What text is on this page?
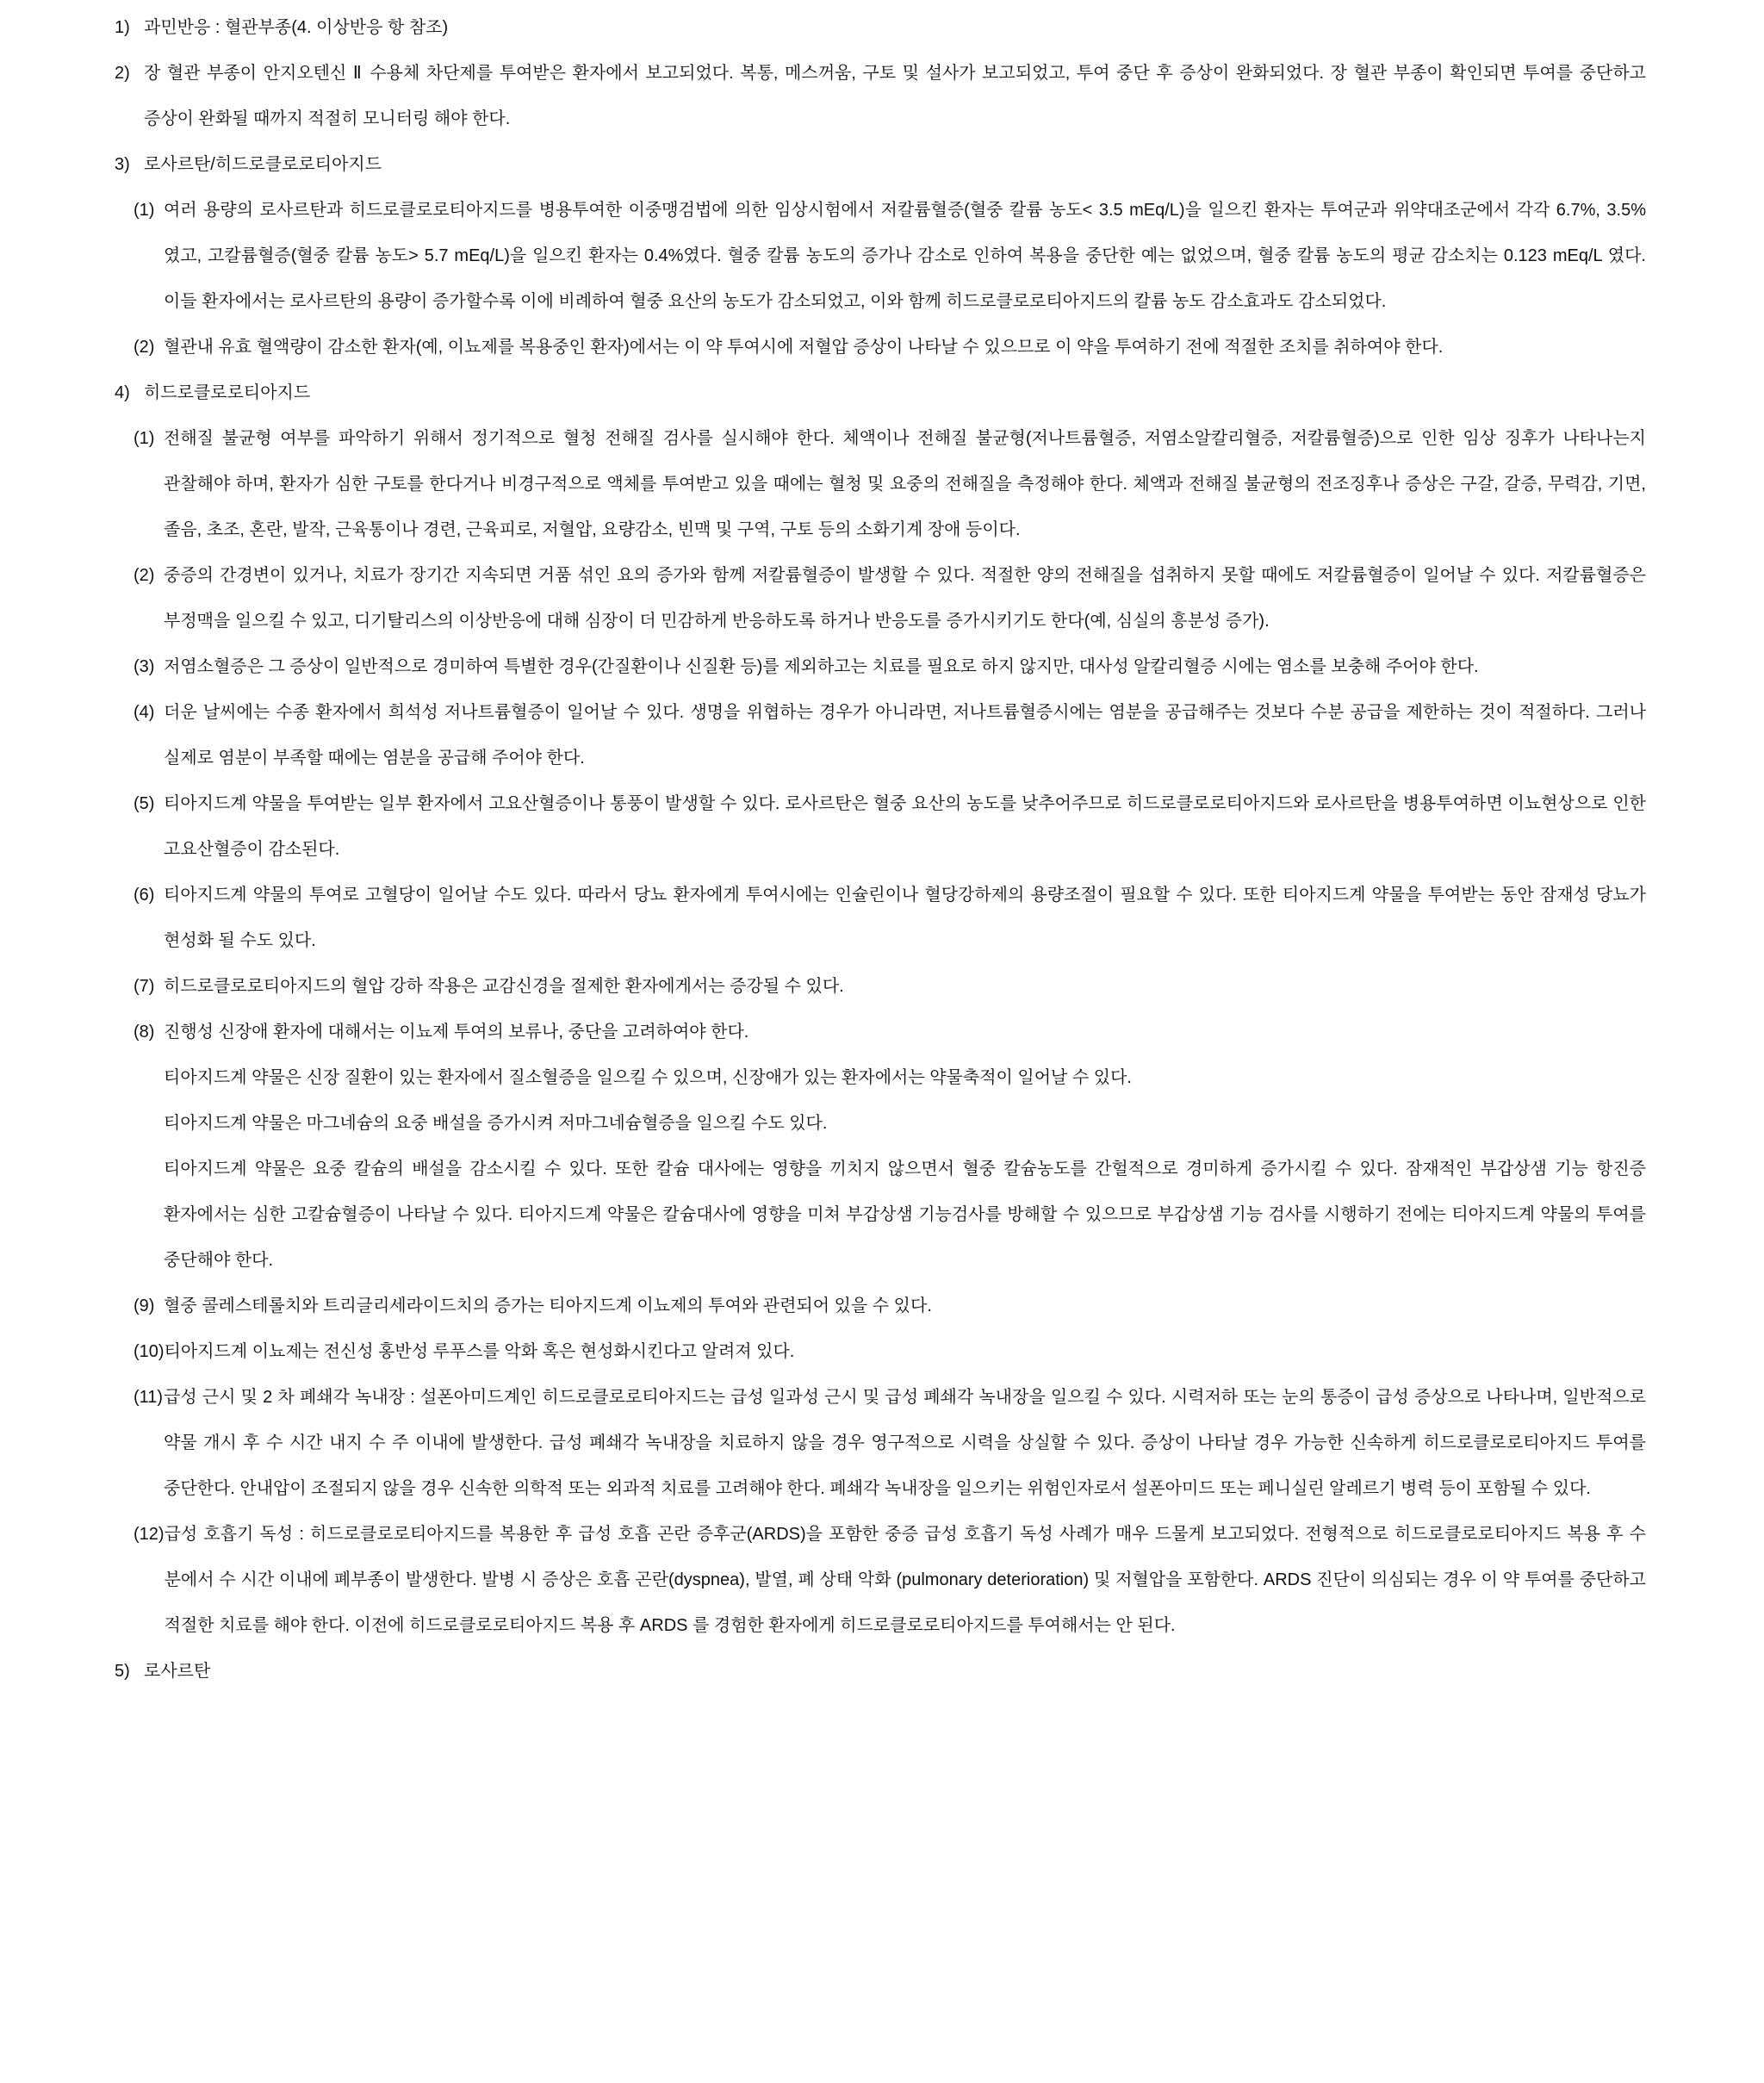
1) 과민반응 : 혈관부종(4. 이상반응 항 참조)
2) 장 혈관 부종이 안지오텐신 Ⅱ 수용체 차단제를 투여받은 환자에서 보고되었다. 복통, 메스꺼움, 구토 및 설사가 보고되었고, 투여 중단 후 증상이 완화되었다. 장 혈관 부종이 확인되면 투여를 중단하고 증상이 완화될 때까지 적절히 모니터링 해야 한다.
3) 로사르탄/히드로클로로티아지드
(1) 여러 용량의 로사르탄과 히드로클로로티아지드를 병용투여한 이중맹검법에 의한 임상시험에서 저칼륨혈증(혈중 칼륨 농도< 3.5 mEq/L)을 일으킨 환자는 투여군과 위약대조군에서 각각 6.7%, 3.5%였고, 고칼륨혈증(혈중 칼륨 농도> 5.7 mEq/L)을 일으킨 환자는 0.4%였다. 혈중 칼륨 농도의 증가나 감소로 인하여 복용을 중단한 예는 없었으며, 혈중 칼륨 농도의 평균 감소치는 0.123 mEq/L 였다. 이들 환자에서는 로사르탄의 용량이 증가할수록 이에 비례하여 혈중 요산의 농도가 감소되었고, 이와 함께 히드로클로로티아지드의 칼륨 농도 감소효과도 감소되었다.
(2) 혈관내 유효 혈액량이 감소한 환자(예, 이뇨제를 복용중인 환자)에서는 이 약 투여시에 저혈압 증상이 나타날 수 있으므로 이 약을 투여하기 전에 적절한 조치를 취하여야 한다.
4) 히드로클로로티아지드
(1) 전해질 불균형 여부를 파악하기 위해서 정기적으로 혈청 전해질 검사를 실시해야 한다. 체액이나 전해질 불균형(저나트륨혈증, 저염소알칼리혈증, 저칼륨혈증)으로 인한 임상 징후가 나타나는지 관찰해야 하며, 환자가 심한 구토를 한다거나 비경구적으로 액체를 투여받고 있을 때에는 혈청 및 요중의 전해질을 측정해야 한다. 체액과 전해질 불균형의 전조징후나 증상은 구갈, 갈증, 무력감, 기면, 졸음, 초조, 혼란, 발작, 근육통이나 경련, 근육피로, 저혈압, 요량감소, 빈맥 및 구역, 구토 등의 소화기계 장애 등이다.
(2) 중증의 간경변이 있거나, 치료가 장기간 지속되면 거품 섞인 요의 증가와 함께 저칼륨혈증이 발생할 수 있다. 적절한 양의 전해질을 섭취하지 못할 때에도 저칼륨혈증이 일어날 수 있다. 저칼륨혈증은 부정맥을 일으킬 수 있고, 디기탈리스의 이상반응에 대해 심장이 더 민감하게 반응하도록 하거나 반응도를 증가시키기도 한다(예, 심실의 흥분성 증가).
(3) 저염소혈증은 그 증상이 일반적으로 경미하여 특별한 경우(간질환이나 신질환 등)를 제외하고는 치료를 필요로 하지 않지만, 대사성 알칼리혈증 시에는 염소를 보충해 주어야 한다.
(4) 더운 날씨에는 수종 환자에서 희석성 저나트륨혈증이 일어날 수 있다. 생명을 위협하는 경우가 아니라면, 저나트륨혈증시에는 염분을 공급해주는 것보다 수분 공급을 제한하는 것이 적절하다. 그러나 실제로 염분이 부족할 때에는 염분을 공급해 주어야 한다.
(5) 티아지드계 약물을 투여받는 일부 환자에서 고요산혈증이나 통풍이 발생할 수 있다. 로사르탄은 혈중 요산의 농도를 낮추어주므로 히드로클로로티아지드와 로사르탄을 병용투여하면 이뇨현상으로 인한 고요산혈증이 감소된다.
(6) 티아지드계 약물의 투여로 고혈당이 일어날 수도 있다. 따라서 당뇨 환자에게 투여시에는 인슐린이나 혈당강하제의 용량조절이 필요할 수 있다. 또한 티아지드계 약물을 투여받는 동안 잠재성 당뇨가 현성화 될 수도 있다.
(7) 히드로클로로티아지드의 혈압 강하 작용은 교감신경을 절제한 환자에게서는 증강될 수 있다.
(8) 진행성 신장애 환자에 대해서는 이뇨제 투여의 보류나, 중단을 고려하여야 한다.
티아지드계 약물은 신장 질환이 있는 환자에서 질소혈증을 일으킬 수 있으며, 신장애가 있는 환자에서는 약물축적이 일어날 수 있다.
티아지드계 약물은 마그네슘의 요중 배설을 증가시켜 저마그네슘혈증을 일으킬 수도 있다.
티아지드계 약물은 요중 칼슘의 배설을 감소시킬 수 있다. 또한 칼슘 대사에는 영향을 끼치지 않으면서 혈중 칼슘농도를 간헐적으로 경미하게 증가시킬 수 있다. 잠재적인 부갑상샘 기능 항진증 환자에서는 심한 고칼슘혈증이 나타날 수 있다. 티아지드계 약물은 칼슘대사에 영향을 미쳐 부갑상샘 기능검사를 방해할 수 있으므로 부갑상샘 기능 검사를 시행하기 전에는 티아지드계 약물의 투여를 중단해야 한다.
(9) 혈중 콜레스테롤치와 트리글리세라이드치의 증가는 티아지드계 이뇨제의 투여와 관련되어 있을 수 있다.
(10) 티아지드계 이뇨제는 전신성 홍반성 루푸스를 악화 혹은 현성화시킨다고 알려져 있다.
(11) 급성 근시 및 2 차 폐쇄각 녹내장 : 설폰아미드계인 히드로클로로티아지드는 급성 일과성 근시 및 급성 폐쇄각 녹내장을 일으킬 수 있다. 시력저하 또는 눈의 통증이 급성 증상으로 나타나며, 일반적으로 약물 개시 후 수 시간 내지 수 주 이내에 발생한다. 급성 폐쇄각 녹내장을 치료하지 않을 경우 영구적으로 시력을 상실할 수 있다. 증상이 나타날 경우 가능한 신속하게 히드로클로로티아지드 투여를 중단한다. 안내압이 조절되지 않을 경우 신속한 의학적 또는 외과적 치료를 고려해야 한다. 폐쇄각 녹내장을 일으키는 위험인자로서 설폰아미드 또는 페니실린 알레르기 병력 등이 포함될 수 있다.
(12) 급성 호흡기 독성 : 히드로클로로티아지드를 복용한 후 급성 호흡 곤란 증후군(ARDS)을 포함한 중증 급성 호흡기 독성 사례가 매우 드물게 보고되었다. 전형적으로 히드로클로로티아지드 복용 후 수 분에서 수 시간 이내에 폐부종이 발생한다. 발병 시 증상은 호흡 곤란(dyspnea), 발열, 폐 상태 악화 (pulmonary deterioration) 및 저혈압을 포함한다. ARDS 진단이 의심되는 경우 이 약 투여를 중단하고 적절한 치료를 해야 한다. 이전에 히드로클로로티아지드 복용 후 ARDS 를 경험한 환자에게 히드로클로로티아지드를 투여해서는 안 된다.
5) 로사르탄
